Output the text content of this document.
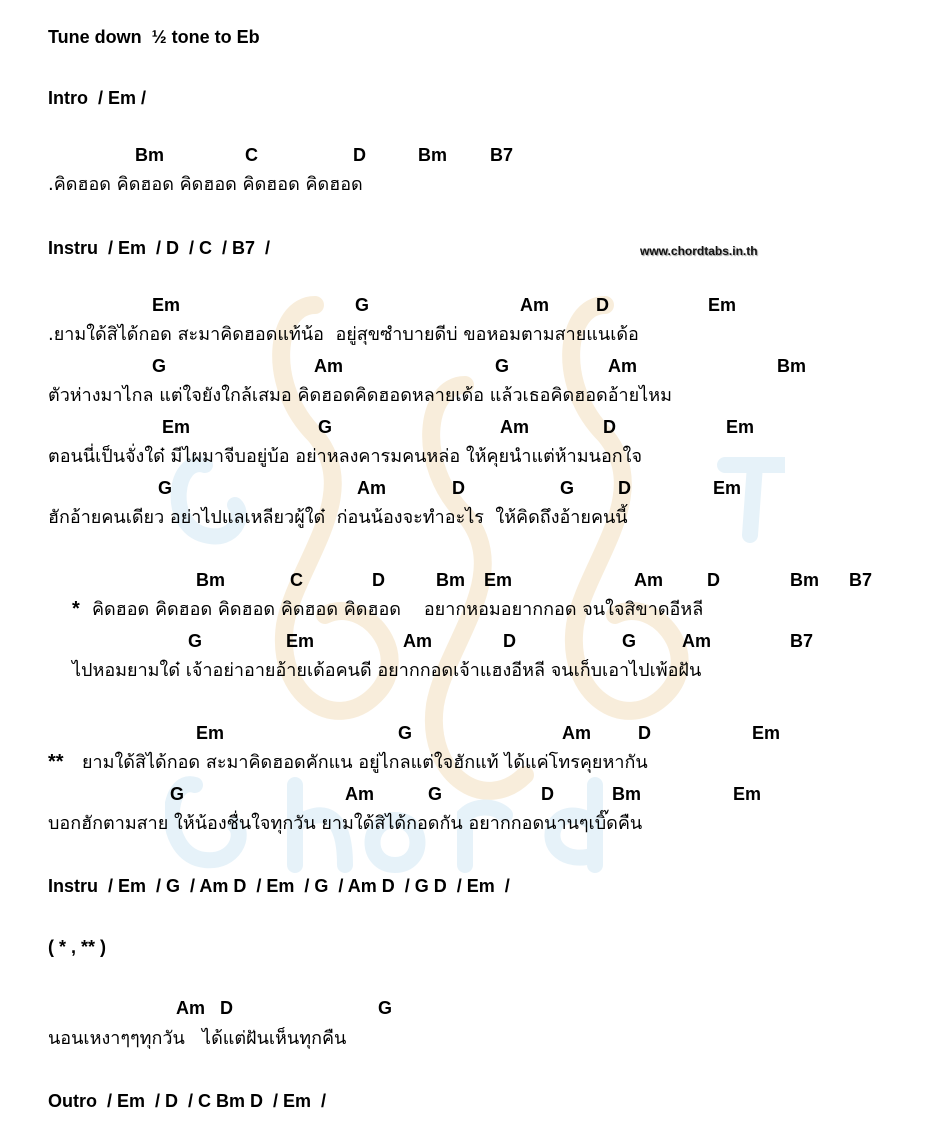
www.chordtabs.in.th
Tune down  ½ tone to Eb
Intro  / Em /
Bm	C	D	Bm B7
.คิดฮอด คิดฮอด คิดฮอด คิดฮอด คิดฮอด
Instru  / Em  / D  / C  / B7  /
Em	G	Am	D	Em
.ยามใด้สิได้กอด สะมาคิดฮอดแท้น้อ  อยู่สุขซำบายดีบ่ ขอหอมตามสายแนเด้อ
G	Am	G	Am	Bm
ตัวห่างมาไกล แต่ใจยังใกล้เสมอ คิดฮอดคิดฮอดหลายเด้อ แล้วเธอคิดฮอดอ้ายไหม
Em	G	Am	D	Em
ตอนนี่เป็นจั่งใด๋ มีไผมาจีบอยู่บ้อ อย่าหลงคารมคนหล่อ ให้คุยนำแต่ห้ามนอกใจ
G	Am	D	G D	Em
ฮักอ้ายคนเดียว อย่าไปแลเหลียวผู้ใด๋  ก่อนน้องจะทำอะไร  ให้คิดถึงอ้ายคนนี้
Bm	C	D	Bm Em	Am D	Bm B7
* คิดฮอด คิดฮอด คิดฮอด คิดฮอด คิดฮอด    อยากหอมอยากกอด จนใจสิขาดอีหลี
G	Em	Am	D	G	Am	B7
ไปหอมยามใด๋ เจ้าอย่าอายอ้ายเด้อคนดี อยากกอดเจ้าแฮงอีหลี จนเก็บเอาไปเพ้อฝัน
Em	G	Am	D	Em
** ยามใด้สิได้กอด สะมาคิดฮอดคักแน อยู่ไกลแต่ใจฮักแท้ ได้แค่โทรคุยหากัน
G	Am	G	D	Bm	Em
บอกฮักตามสาย ให้น้องชื่นใจทุกวัน ยามใด้สิได้กอดกัน อยากกอดนานๆเบิ๊ดคืน
Instru  / Em  / G  / Am D  / Em  / G  / Am D  / G D  / Em  /
( * , ** )
Am D	G
นอนเหงาๆๆทุกวัน   ได้แต่ฝันเห็นทุกคืน
Outro  / Em  / D  / C Bm D  / Em  /
